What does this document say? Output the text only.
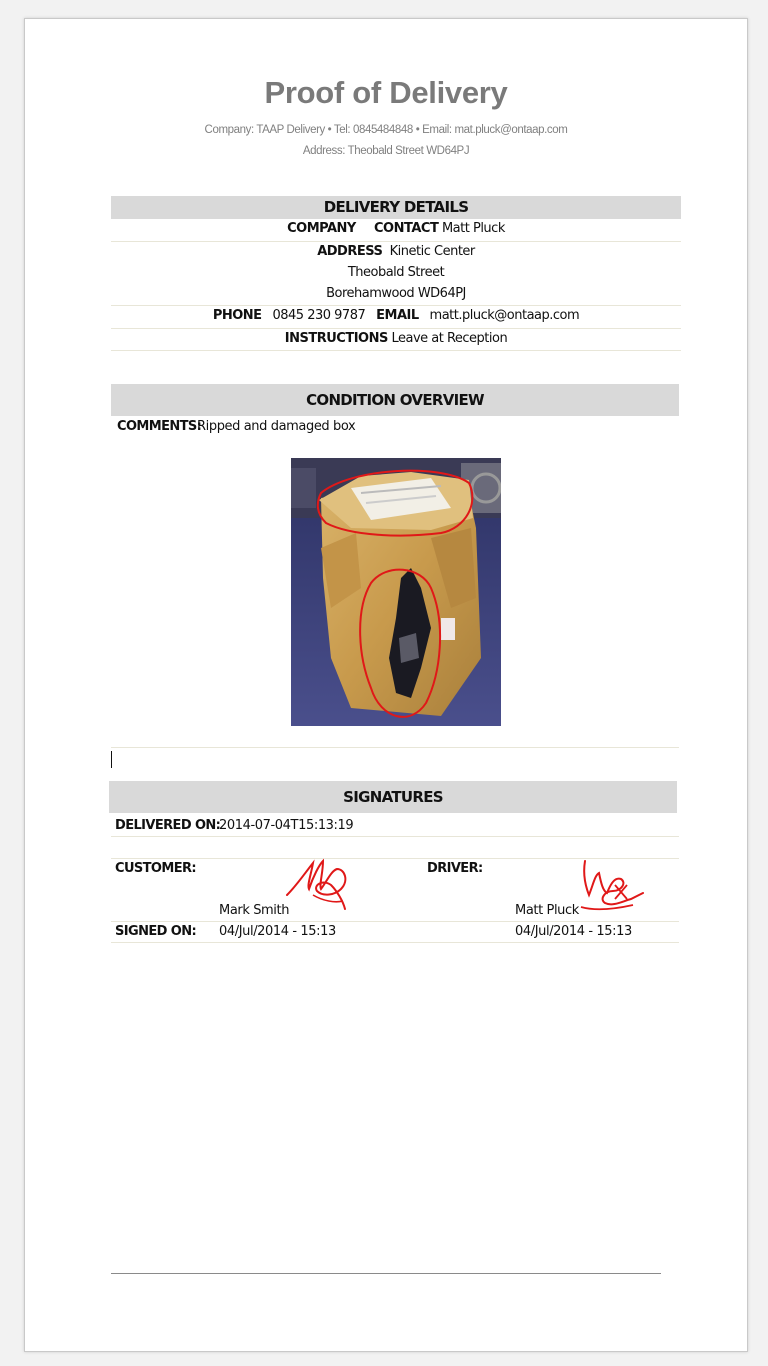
Proof of Delivery
Company: TAAP Delivery • Tel: 0845484848 • Email: mat.pluck@ontaap.com
Address: Theobald Street WD64PJ
DELIVERY DETAILS
COMPANY CONTACT Matt Pluck
ADDRESS Kinetic Center
Theobald Street
Borehamwood WD64PJ
PHONE 0845 230 9787 EMAIL matt.pluck@ontaap.com
INSTRUCTIONS Leave at Reception
CONDITION OVERVIEW
COMMENTS:
Ripped and damaged box
SIGNATURES
DELIVERED ON:
2014-07-04T15:13:19
CUSTOMER:	DRIVER:
Mark Smith	Matt Pluck
SIGNED ON: 04/Jul/2014 - 15:13	04/Jul/2014 - 15:13
